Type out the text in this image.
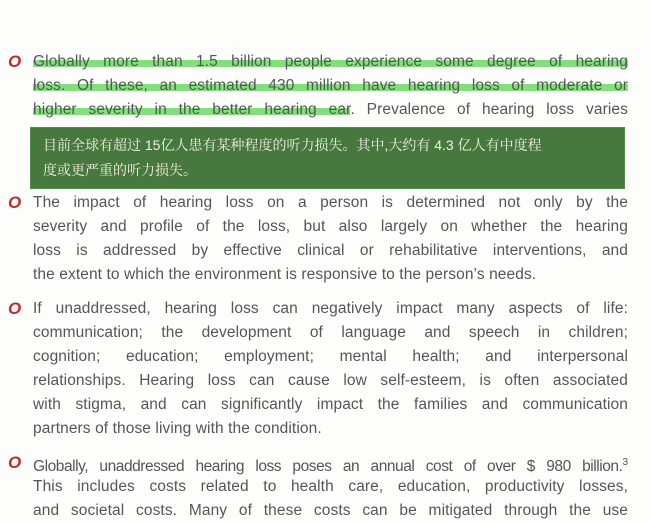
O Globally more than 1.5 billion people experience some degree of hearing
loss. Of these, an estimated 430 million have hearing loss of moderate or
higher severity in the better hearing ear. Prevalence of hearing loss varies
目前全球有超过 15亿人患有某种程度的听力损失。其中,大约有 4.3 亿人有中度程
度或更严重的听力损失。
O The impact of hearing loss on a person is determined not only by the
severity and profile of the loss, but also largely on whether the hearing
loss is addressed by effective clinical or rehabilitative interventions, and
the extent to which the environment is responsive to the person’s needs.
O If unaddressed, hearing loss can negatively impact many aspects of life:
communication; the development of language and speech in children;
cognition; education; employment; mental health; and interpersonal
relationships. Hearing loss can cause low self-esteem, is often associated
with stigma, and can significantly impact the families and communication
partners of those living with the condition.
O Globally, unaddressed hearing loss poses an annual cost of over $ 980 billion.$^3$
This includes costs related to health care, education, productivity losses,
and societal costs. Many of these costs can be mitigated through the use
